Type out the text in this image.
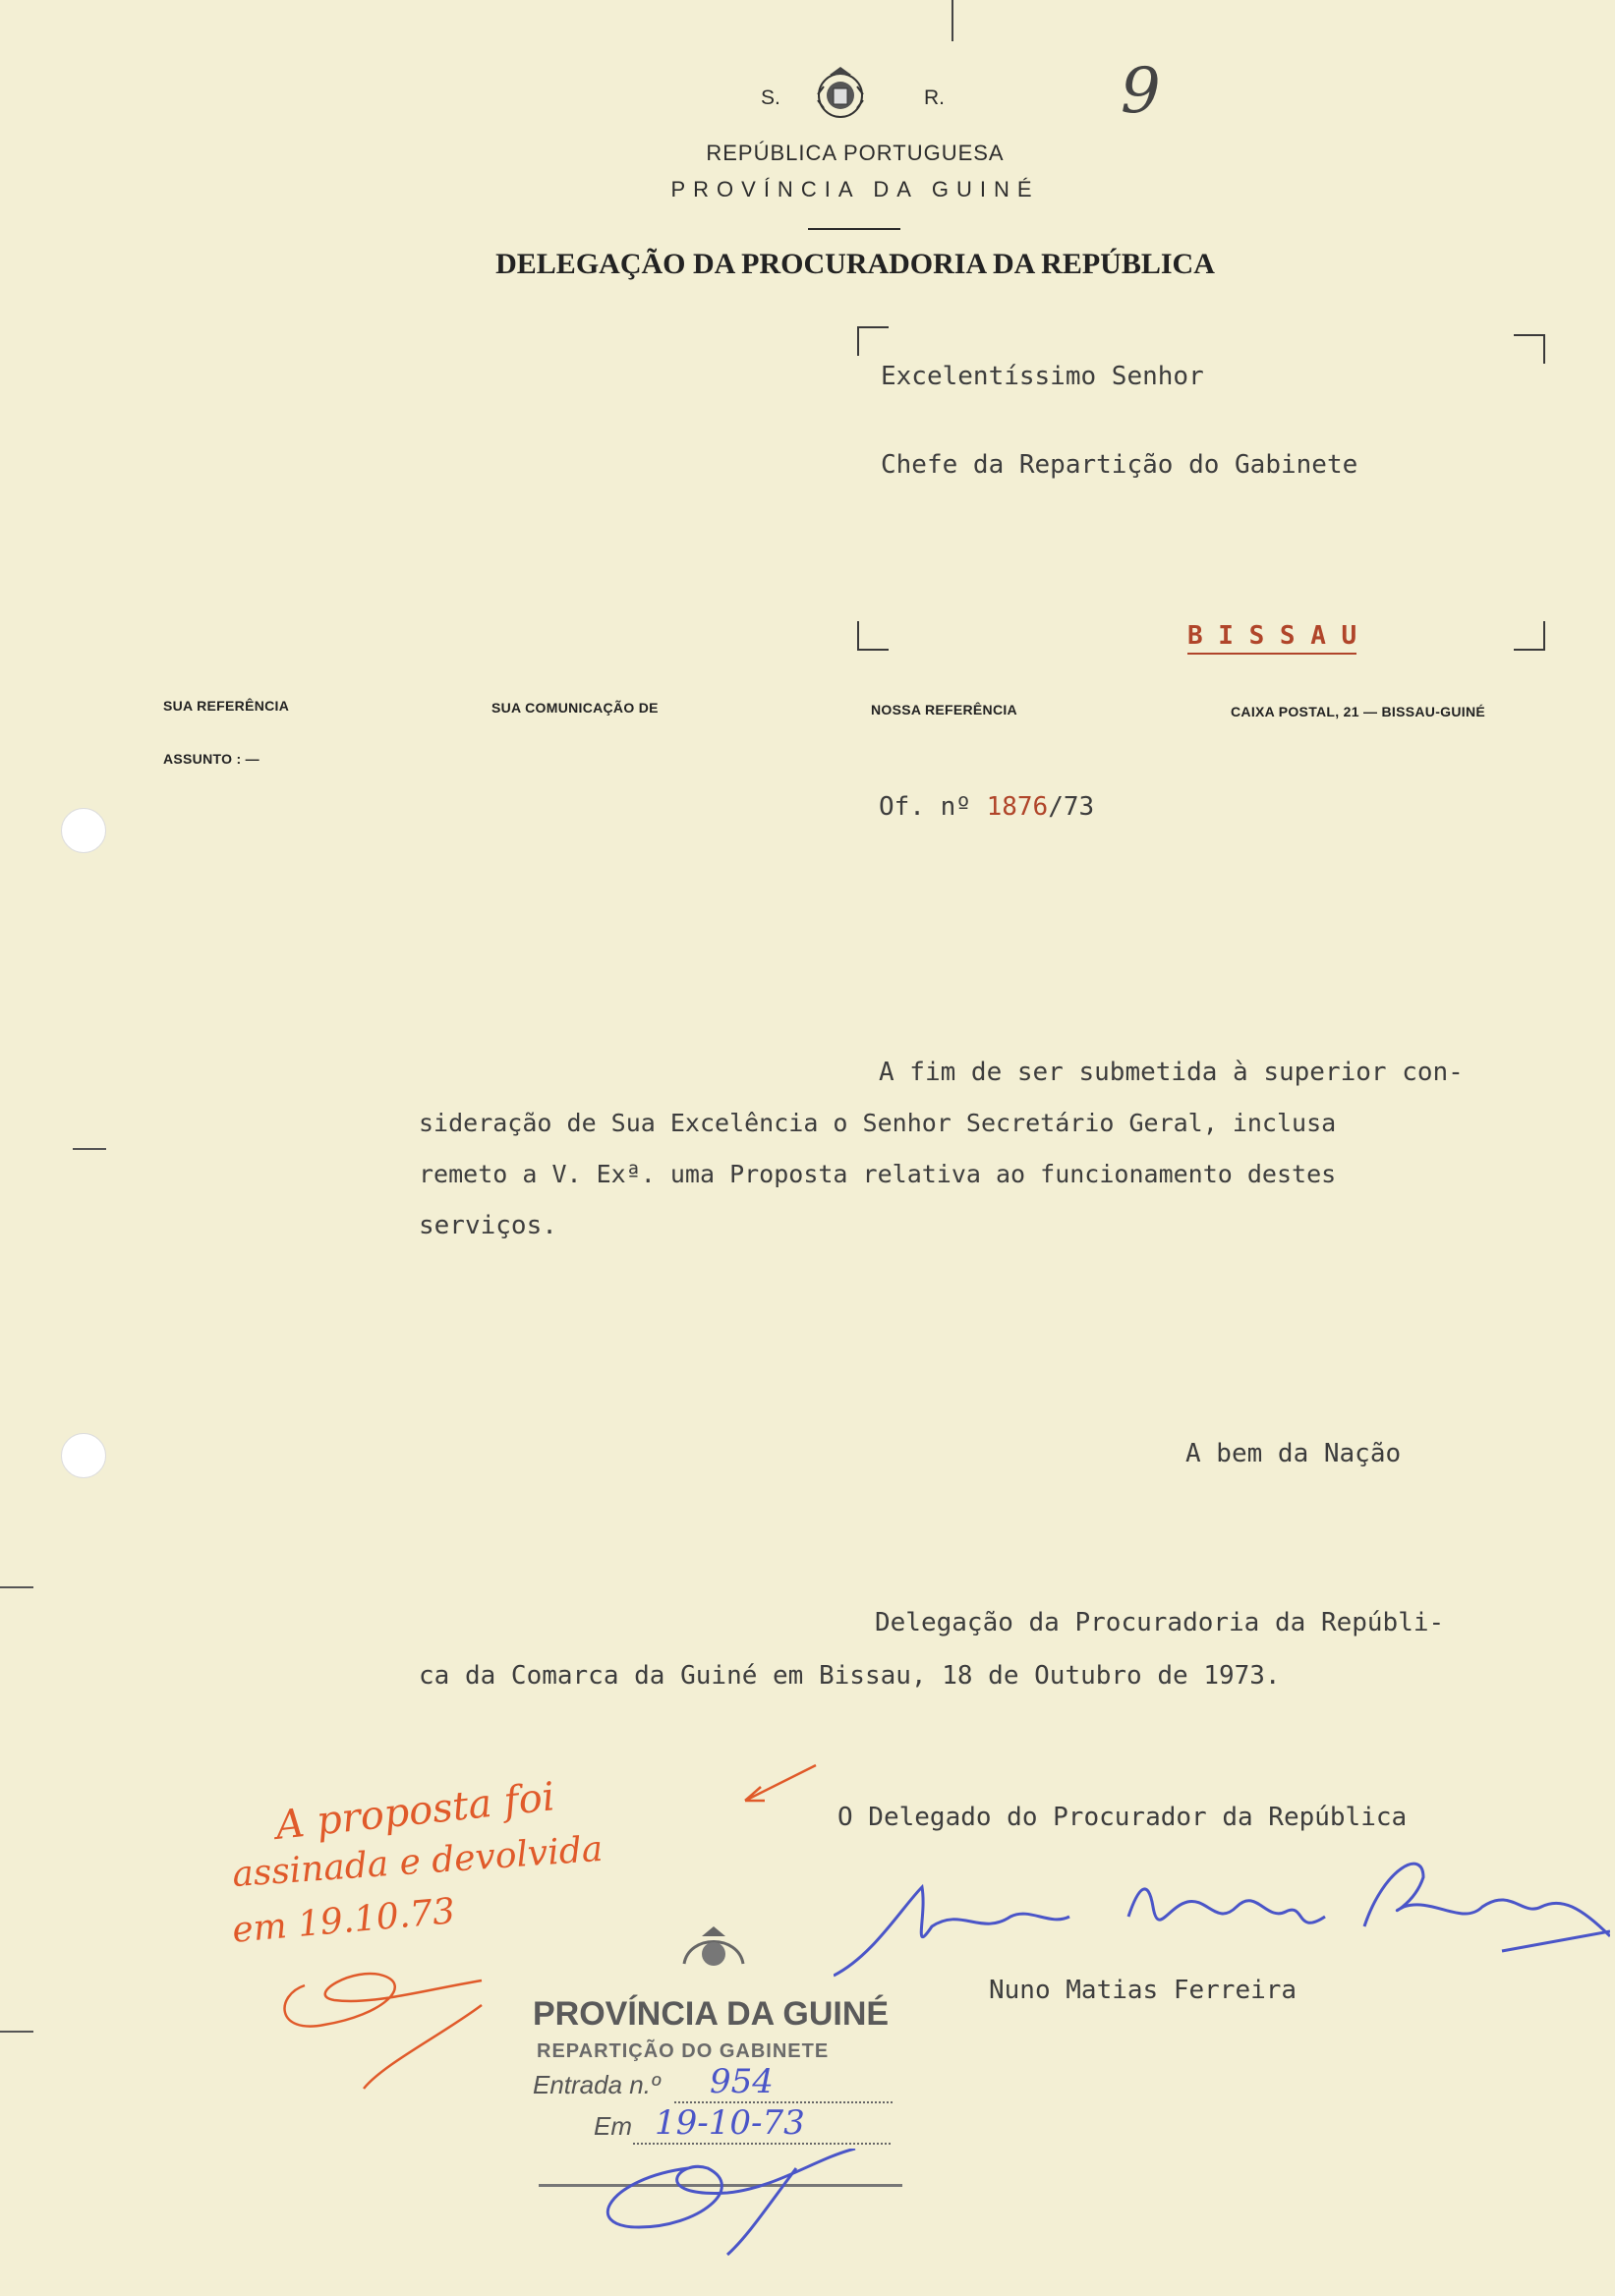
S.	R.	9
REPÚBLICA PORTUGUESA
PROVÍNCIA DA GUINÉ
DELEGAÇÃO DA PROCURADORIA DA REPÚBLICA
Excelentíssimo Senhor
Chefe da Repartição do Gabinete
B I S S A U
SUA REFERÊNCIA	SUA COMUNICAÇÃO DE	NOSSA REFERÊNCIA	CAIXA POSTAL, 21 — BISSAU-GUINÉ
ASSUNTO : —
Of. nº 1876/73
A fim de ser submetida à superior con-
sideração de Sua Excelência o Senhor Secretário Geral, inclusa
remeto a V. Exª. uma Proposta relativa ao funcionamento destes
serviços.
A bem da Nação
Delegação da Procuradoria da Repúbli-
ca da Comarca da Guiné em Bissau, 18 de Outubro de 1973.
O Delegado do Procurador da República
Nuno Matias Ferreira
A proposta foi
assinada e devolvida
em 19.10.73
PROVÍNCIA DA GUINÉ
REPARTIÇÃO DO GABINETE
Entrada n.º 954
Em 19-10-73
